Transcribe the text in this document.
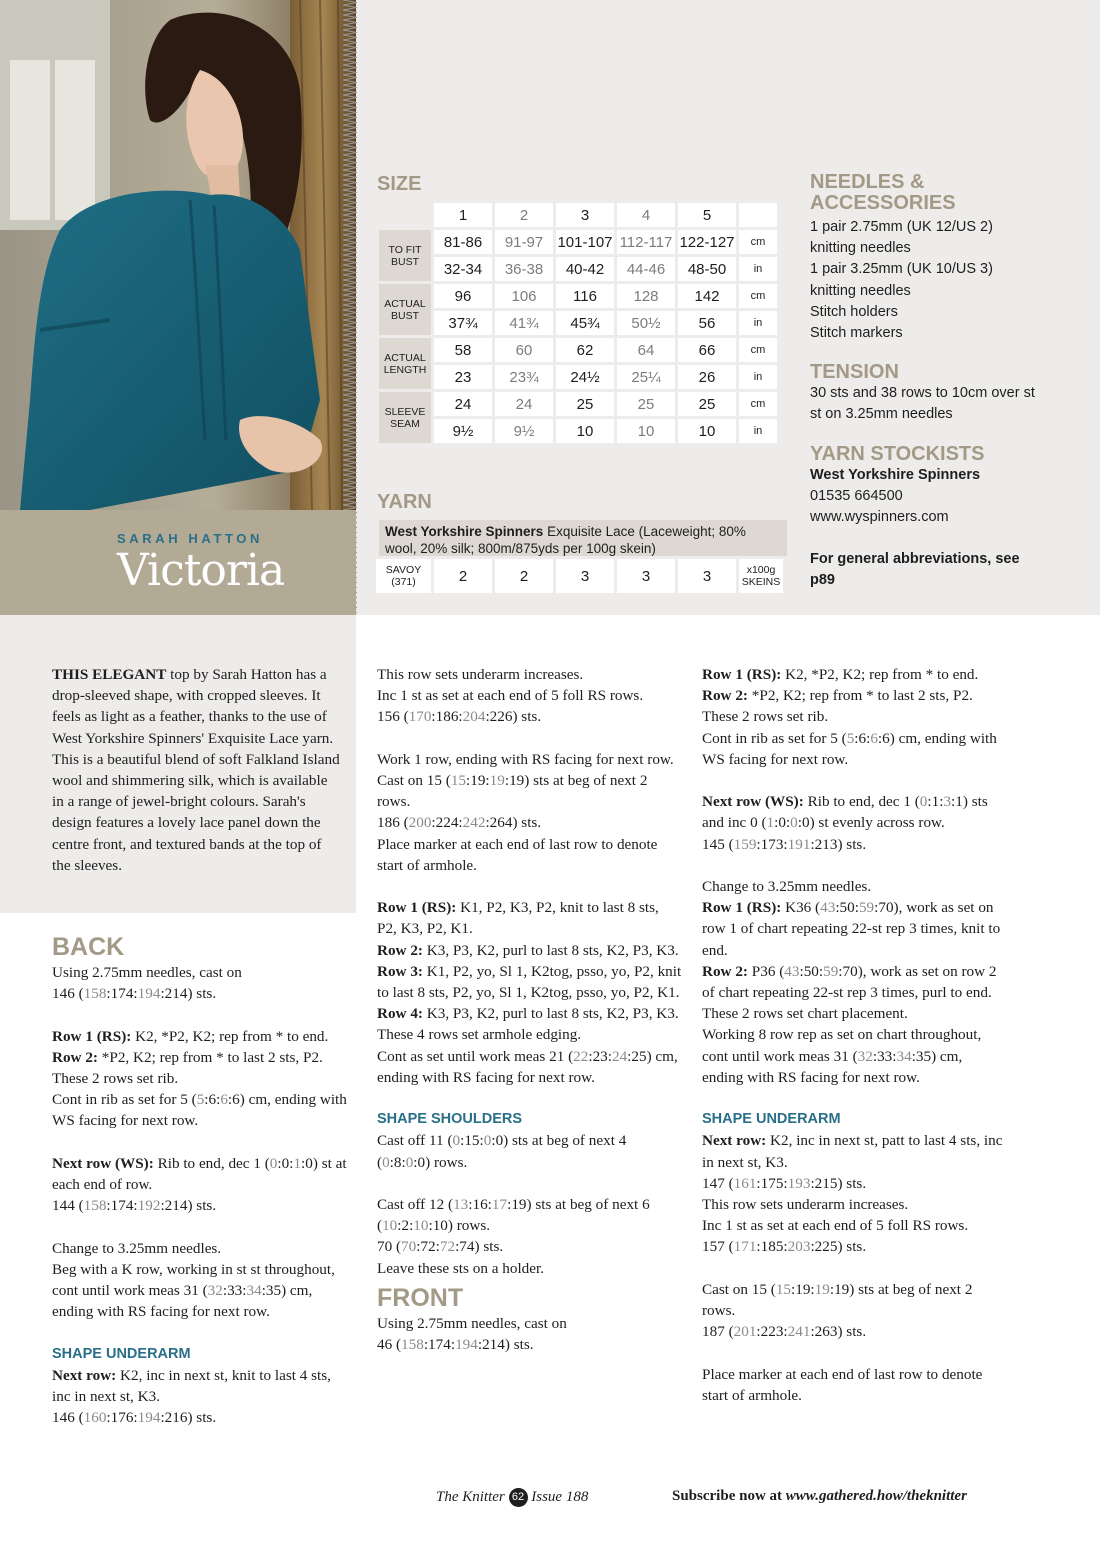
SARAH HATTON
Victoria
SIZE
	1	2	3	4	5	
TO FIT BUST	81-86	91-97	101-107	112-117	122-127	cm
	32-34	36-38	40-42	44-46	48-50	in
ACTUAL BUST	96	106	116	128	142	cm
	37¾	41¾	45¾	50½	56	in
ACTUAL LENGTH	58	60	62	64	66	cm
	23	23¾	24½	25¼	26	in
SLEEVE SEAM	24	24	25	25	25	cm
	9½	9½	10	10	10	in
YARN
West Yorkshire Spinners Exquisite Lace (Laceweight; 80% wool, 20% silk; 800m/875yds per 100g skein)
SAVOY (371)	2	2	3	3	3	x100g SKEINS
NEEDLES & ACCESSORIES
1 pair 2.75mm (UK 12/US 2) knitting needles
1 pair 3.25mm (UK 10/US 3) knitting needles
Stitch holders
Stitch markers
TENSION
30 sts and 38 rows to 10cm over st st on 3.25mm needles
YARN STOCKISTS
West Yorkshire Spinners
01535 664500
www.wyspinners.com
For general abbreviations, see p89

THIS ELEGANT top by Sarah Hatton has a drop-sleeved shape, with cropped sleeves. It feels as light as a feather, thanks to the use of West Yorkshire Spinners' Exquisite Lace yarn. This is a beautiful blend of soft Falkland Island wool and shimmering silk, which is available in a range of jewel-bright colours. Sarah's design features a lovely lace panel down the centre front, and textured bands at the top of the sleeves.

BACK

Using 2.75mm needles, cast on
146 (158:174:194:214) sts.

Row 1 (RS): K2, *P2, K2; rep from * to end.

Row 2: *P2, K2; rep from * to last 2 sts, P2.

These 2 rows set rib.

Cont in rib as set for 5 (5:6:6:6) cm, ending with WS facing for next row.

Next row (WS): Rib to end, dec 1 (0:0:1:0) st at each end of row.

144 (158:174:192:214) sts.

Change to 3.25mm needles.

Beg with a K row, working in st st throughout, cont until work meas 31 (32:33:34:35) cm, ending with RS facing for next row.

SHAPE UNDERARM

Next row: K2, inc in next st, knit to last 4 sts, inc in next st, K3.

146 (160:176:194:216) sts.

This row sets underarm increases.

Inc 1 st as set at each end of 5 foll RS rows.

156 (170:186:204:226) sts.

Work 1 row, ending with RS facing for next row.

Cast on 15 (15:19:19:19) sts at beg of next 2 rows.

186 (200:224:242:264) sts.

Place marker at each end of last row to denote start of armhole.

Row 1 (RS): K1, P2, K3, P2, knit to last 8 sts, P2, K3, P2, K1.

Row 2: K3, P3, K2, purl to last 8 sts, K2, P3, K3.

Row 3: K1, P2, yo, Sl 1, K2tog, psso, yo, P2, knit to last 8 sts, P2, yo, Sl 1, K2tog, psso, yo, P2, K1.

Row 4: K3, P3, K2, purl to last 8 sts, K2, P3, K3.

These 4 rows set armhole edging.

Cont as set until work meas 21 (22:23:24:25) cm, ending with RS facing for next row.

SHAPE SHOULDERS

Cast off 11 (0:15:0:0) sts at beg of next 4 (0:8:0:0) rows.

Cast off 12 (13:16:17:19) sts at beg of next 6 (10:2:10:10) rows.

70 (70:72:72:74) sts.

Leave these sts on a holder.

FRONT

Using 2.75mm needles, cast on
46 (158:174:194:214) sts.

Row 1 (RS): K2, *P2, K2; rep from * to end.

Row 2: *P2, K2; rep from * to last 2 sts, P2.

These 2 rows set rib.

Cont in rib as set for 5 (5:6:6:6) cm, ending with WS facing for next row.

Next row (WS): Rib to end, dec 1 (0:1:3:1) sts and inc 0 (1:0:0:0) st evenly across row.

145 (159:173:191:213) sts.

Change to 3.25mm needles.

Row 1 (RS): K36 (43:50:59:70), work as set on row 1 of chart repeating 22-st rep 3 times, knit to end.

Row 2: P36 (43:50:59:70), work as set on row 2 of chart repeating 22-st rep 3 times, purl to end.

These 2 rows set chart placement.

Working 8 row rep as set on chart throughout, cont until work meas 31 (32:33:34:35) cm, ending with RS facing for next row.

SHAPE UNDERARM

Next row: K2, inc in next st, patt to last 4 sts, inc in next st, K3.

147 (161:175:193:215) sts.

This row sets underarm increases.

Inc 1 st as set at each end of 5 foll RS rows.

157 (171:185:203:225) sts.

Cast on 15 (15:19:19:19) sts at beg of next 2 rows.

187 (201:223:241:263) sts.

Place marker at each end of last row to denote start of armhole.

The Knitter 62 Issue 188	Subscribe now at www.gathered.how/theknitter
